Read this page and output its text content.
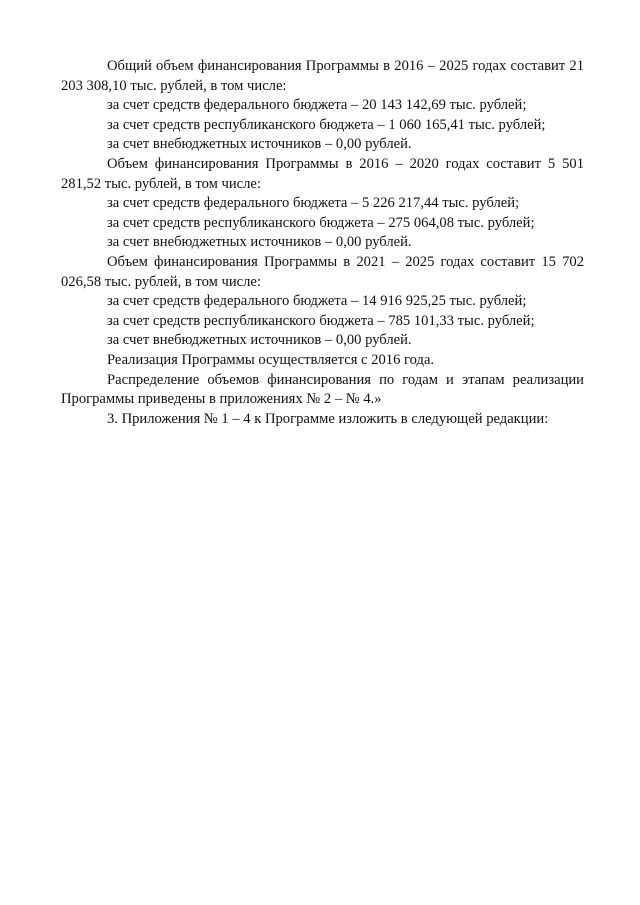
Общий объем финансирования Программы в 2016 – 2025 годах составит 21 203 308,10 тыс. рублей, в том числе:

за счет средств федерального бюджета – 20 143 142,69 тыс. рублей;

за счет средств республиканского бюджета – 1 060 165,41 тыс. рублей;

за счет внебюджетных источников – 0,00 рублей.

Объем финансирования Программы в 2016 – 2020 годах составит 5 501 281,52 тыс. рублей, в том числе:

за счет средств федерального бюджета – 5 226 217,44 тыс. рублей;

за счет средств республиканского бюджета – 275 064,08 тыс. рублей;

за счет внебюджетных источников – 0,00 рублей.

Объем финансирования Программы в 2021 – 2025 годах составит 15 702 026,58 тыс. рублей, в том числе:

за счет средств федерального бюджета – 14 916 925,25 тыс. рублей;

за счет средств республиканского бюджета – 785 101,33 тыс. рублей;

за счет внебюджетных источников – 0,00 рублей.

Реализация Программы осуществляется с 2016 года.

Распределение объемов финансирования по годам и этапам реализации Программы приведены в приложениях № 2 – № 4.»

3. Приложения № 1 – 4 к Программе изложить в следующей редакции:
